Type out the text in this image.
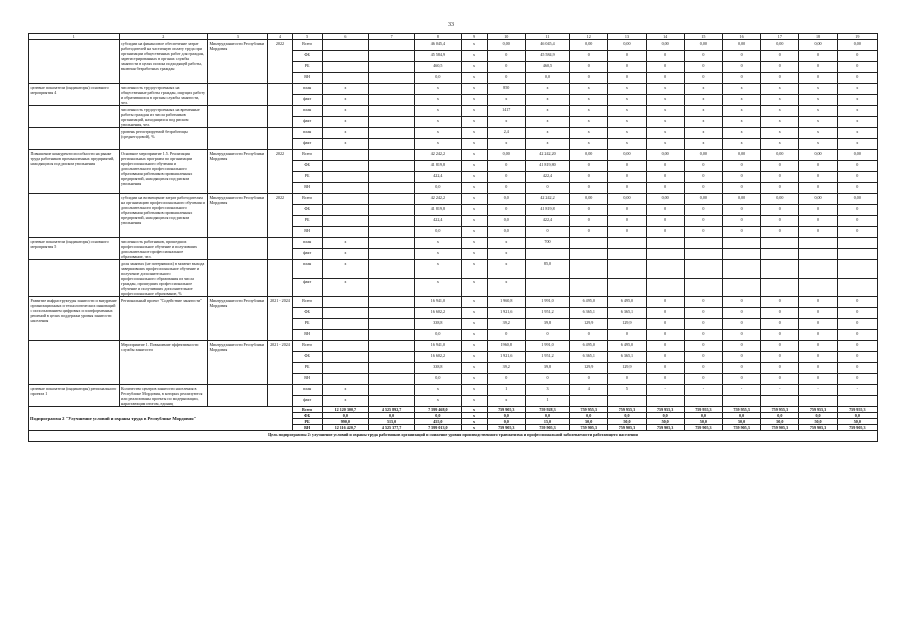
33
1	2	3	4	5	6	7	8	9	10	11	12	13	14	15	16	17	18	19
	субсидии на финансовое обеспечение затрат работодателей на частичную оплату труда при организации общественных работ для граждан, зарегистрированных в органах службы занятости в целях поиска подходящей работы, включая безработных граждан	Минтрудзанятости Республики Мордовия	2022	Всего			46 045,4	х	0,00	46 045,4	0,00	0,00	0,00	0,00	0,00	0,00	0,00	0,00
				ФБ			45 584,9	х	0	45 584,9	0	0	0	0	0	0	0	0
				РБ			460,5	х	0	460,5	0	0	0	0	0	0	0	0
				ВН			0,0	х	0	0,0	0	0	0	0	0	0	0	0
целевые показатели (индикаторы) основного мероприятия 4	численность трудоустроенных на общественные работы граждан, ищущих работу и обратившихся в органы службы занятости, чел.			план	х		х	х	850	х	х	х	х	х	х	х	х	х
				факт	х		х	х	х	х	х	х	х	х	х	х	х	х
	численность трудоустроенных на временные работы граждан из числа работников организаций, находящихся под риском увольнения, чел.			план	х		х	х	1417	х	х	х	х	х	х	х	х	х
				факт	х		х	х	х	х	х	х	х	х	х	х	х	х
	уровень регистрируемой безработицы (среднегодовой), %			план	х		х	х	2,4	х	х	х	х	х	х	х	х	х
				факт	х		х	х	х	х	х	х	х	х	х	х	х	х
Повышение конкурентоспособности на рынке труда работников промышленных предприятий, находящихся под риском увольнения	Основное мероприятие 1.5. Реализация региональных программ по организации профессионального обучения и дополнительного профессионального образования работников промышленных предприятий, находящихся под риском увольнения	Минтрудзанятости Республики Мордовия	2022	Всего			42 242,2	х	0,00	42 242,20	0,00	0,00	0,00	0,00	0,00	0,00	0,00	0,00
				ФБ			41 819,8	х	0	41 819,80	0	0	0	0	0	0	0	0
				РБ			422,4	х	0	422,4	0	0	0	0	0	0	0	0
				ВН			0,0	х	0	0	0	0	0	0	0	0	0	0
	субсидии на возмещение затрат работодателям на организацию профессионального обучения и дополнительного профессионального образования работников промышленных предприятий, находящихся под риском увольнения	Минтрудзанятости Республики Мордовия	2022	Всего			42 242,2	х	0,0	42 242,2	0,00	0,00	0,00	0,00	0,00	0,00	0,00	0,00
				ФБ			41 819,8	х	0	41 819,8	0	0	0	0	0	0	0	0
				РБ			422,4	х	0,0	422,4	0	0	0	0	0	0	0	0
				ВН			0,0	х	0,0	0	0	0	0	0	0	0	0	0
целевые показатели (индикаторы) основного мероприятия 5	численность работников, прошедших профессиональное обучение и получивших дополнительное профессиональное образование, чел.			план	х		х	х	х	700								
				факт	х		х	х	х									
	доля занятых (не потерявших) в момент выхода завершивших профессиональное обучение и получение дополнительного профессионального образования из числа граждан, прошедших профессиональное обучение и получивших дополнительное профессиональное образование, %			план	х		х	х	х	85,0								
				факт	х		х	х	х									
Развитие инфраструктуры занятости и внедрение организационных и технологических инноваций с использованием цифровых и платформенных решений в целях поддержки уровня занятости населения	Региональный проект "Содействие занятости"	Минтрудзанятости Республики Мордовия	2021 - 2024	Всего			16 941,0	х	1 960,8	1 991,0	6 495,0	6 495,0	0	0	0	0	0	0
				ФБ			16 602,2	х	1 921,6	1 951,2	6 365,1	6 365,1	0	0	0	0	0	0
				РБ			338,8	х	39,2	39,8	129,9	129,9	0	0	0	0	0	0
				ВН			0,0	х	0	0	0	0	0	0	0	0	0	0
	Мероприятие 1. Повышение эффективности службы занятости	Минтрудзанятости Республики Мордовия	2021 - 2024	Всего			16 941,0	х	1960,8	1 991,0	6 495,0	6 495,0	0	0	0	0	0	0
				ФБ			16 602,2	х	1 921,6	1 951,2	6 365,1	6 365,1	0	0	0	0	0	0
				РБ			338,8	х	39,2	39,8	129,9	129,9	0	0	0	0	0	0
				ВН			0,0	х	0	0	0	0	0	0	0	0	0	0
целевые показатели (индикаторы) регионального проекта 1	Количество центров занятости населения в Республике Мордовия, в которых реализуются или реализованы проекты по модернизации, нарастающим итогом, единиц			план	х		х	х	1	3	4	5	-	-	-	-	-	-
				факт	х		х	х	х	1								
Подпрограмма 2 "Улучшение условий и охраны труда в Республике Мордовия"				Всего	12 120 300,7	4 525 892,7	7 599 468,0	х	759 905,3	759 928,3	759 955,3	759 955,3	759 955,3	759 955,3	759 955,3	759 955,3	759 955,3	759 955,3
				ФБ	0,0	0,0	0,0	х	0,0	0,0	0,0	0,0	0,0	0,0	0,0	0,0	0,0	0,0
				РБ	990,0	515,0	455,0	х	0,0	15,0	50,0	50,0	50,0	50,0	50,0	50,0	50,0	50,0
				ВН	12 116 420,7	4 525 377,7	7 599 013,0	х	759 905,3	759 905,3	759 905,3	759 905,3	759 905,3	759 905,3	759 905,3	759 905,3	759 905,3	759 905,3
Цель подпрограммы 2: улучшение условий и охраны труда работников организаций и снижение уровня производственного травматизма и профессиональной заболеваемости работающего населения																		
